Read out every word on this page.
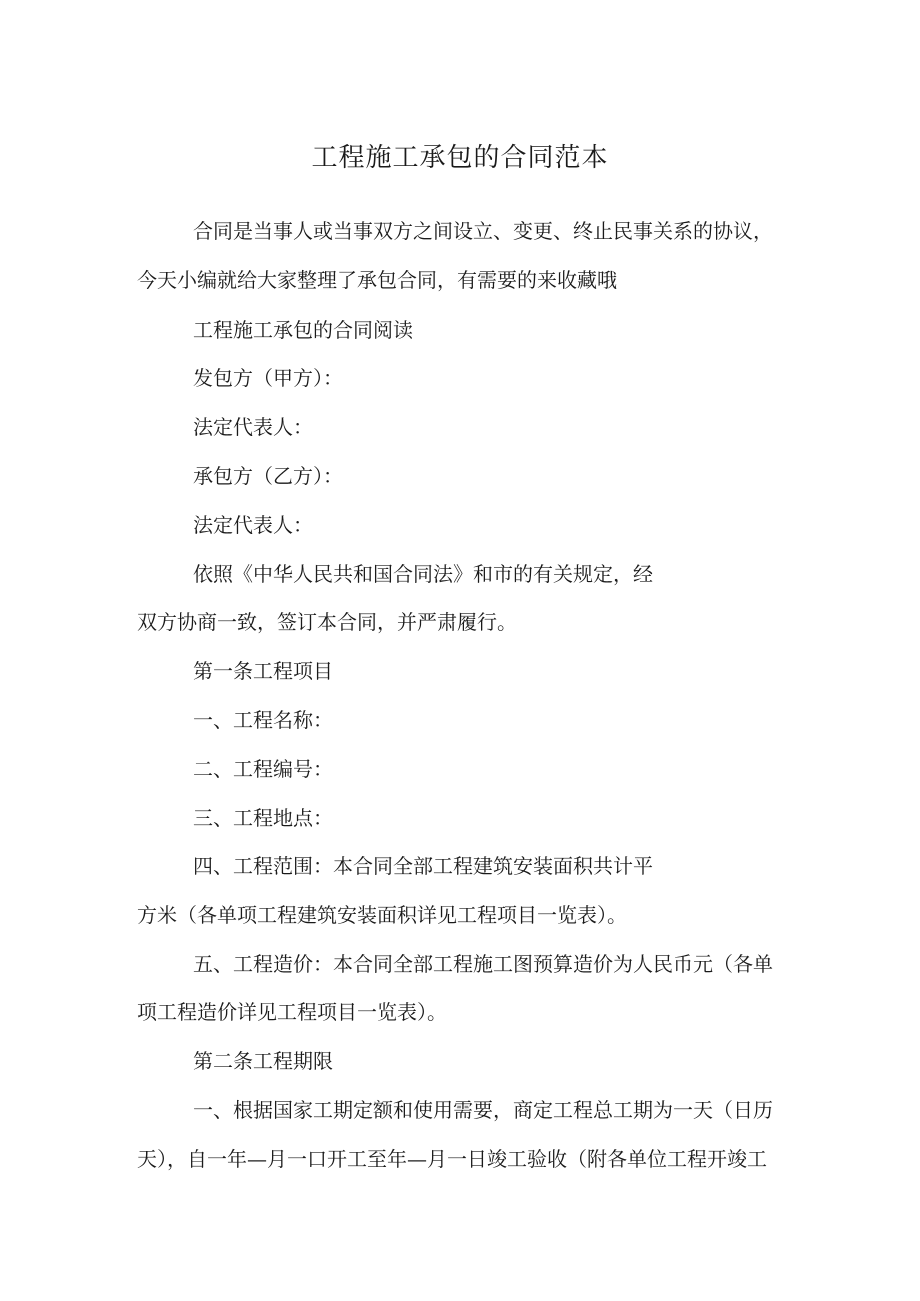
工程施工承包的合同范本
合同是当事人或当事双方之间设立、变更、终止民事关系的协议，
今天小编就给大家整理了承包合同，有需要的来收藏哦
工程施工承包的合同阅读
发包方（甲方）：
法定代表人：
承包方（乙方）：
法定代表人：
依照《中华人民共和国合同法》和市的有关规定，经
双方协商一致，签订本合同，并严肃履行。
第一条工程项目
一、工程名称：
二、工程编号：
三、工程地点：
四、工程范围：本合同全部工程建筑安装面积共计平
方米（各单项工程建筑安装面积详见工程项目一览表）。
五、工程造价：本合同全部工程施工图预算造价为人民币元（各单
项工程造价详见工程项目一览表）。
第二条工程期限
一、根据国家工期定额和使用需要，商定工程总工期为一天（日历
天），自一年—月一口开工至年—月一日竣工验收（附各单位工程开竣工
